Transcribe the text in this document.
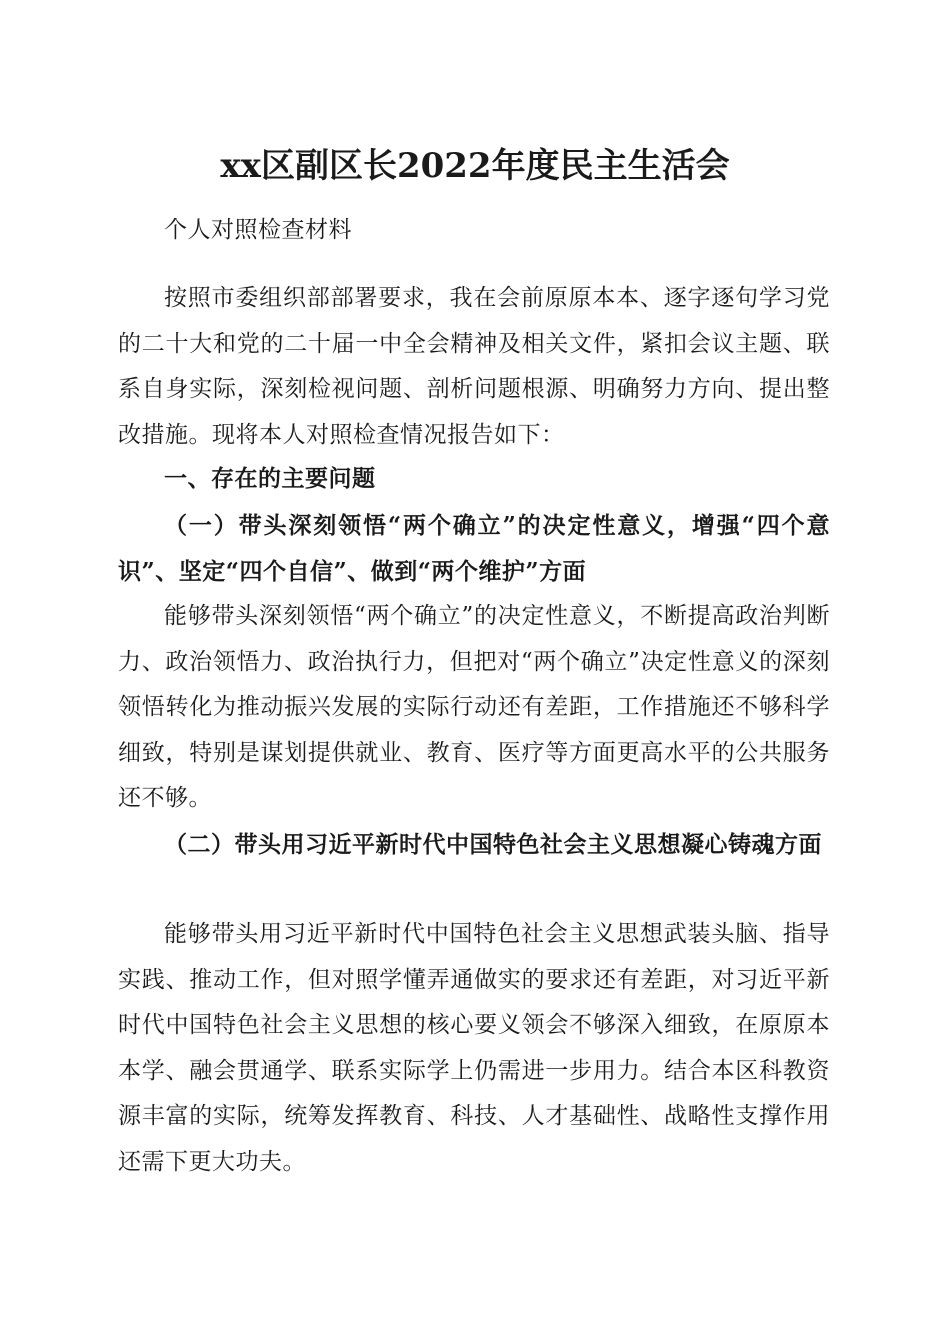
xx区副区长2022年度民主生活会
个人对照检查材料
按照市委组织部部署要求，我在会前原原本本、逐字逐句学习党的二十大和党的二十届一中全会精神及相关文件，紧扣会议主题、联系自身实际，深刻检视问题、剖析问题根源、明确努力方向、提出整改措施。现将本人对照检查情况报告如下：
一、存在的主要问题
（一）带头深刻领悟“两个确立”的决定性意义，增强“四个意识”、坚定“四个自信”、做到“两个维护”方面
能够带头深刻领悟“两个确立”的决定性意义，不断提高政治判断力、政治领悟力、政治执行力，但把对“两个确立”决定性意义的深刻领悟转化为推动振兴发展的实际行动还有差距，工作措施还不够科学细致，特别是谋划提供就业、教育、医疗等方面更高水平的公共服务还不够。
（二）带头用习近平新时代中国特色社会主义思想凝心铸魂方面
能够带头用习近平新时代中国特色社会主义思想武装头脑、指导实践、推动工作，但对照学懂弄通做实的要求还有差距，对习近平新时代中国特色社会主义思想的核心要义领会不够深入细致，在原原本本学、融会贯通学、联系实际学上仍需进一步用力。结合本区科教资源丰富的实际，统筹发挥教育、科技、人才基础性、战略性支撑作用还需下更大功夫。
